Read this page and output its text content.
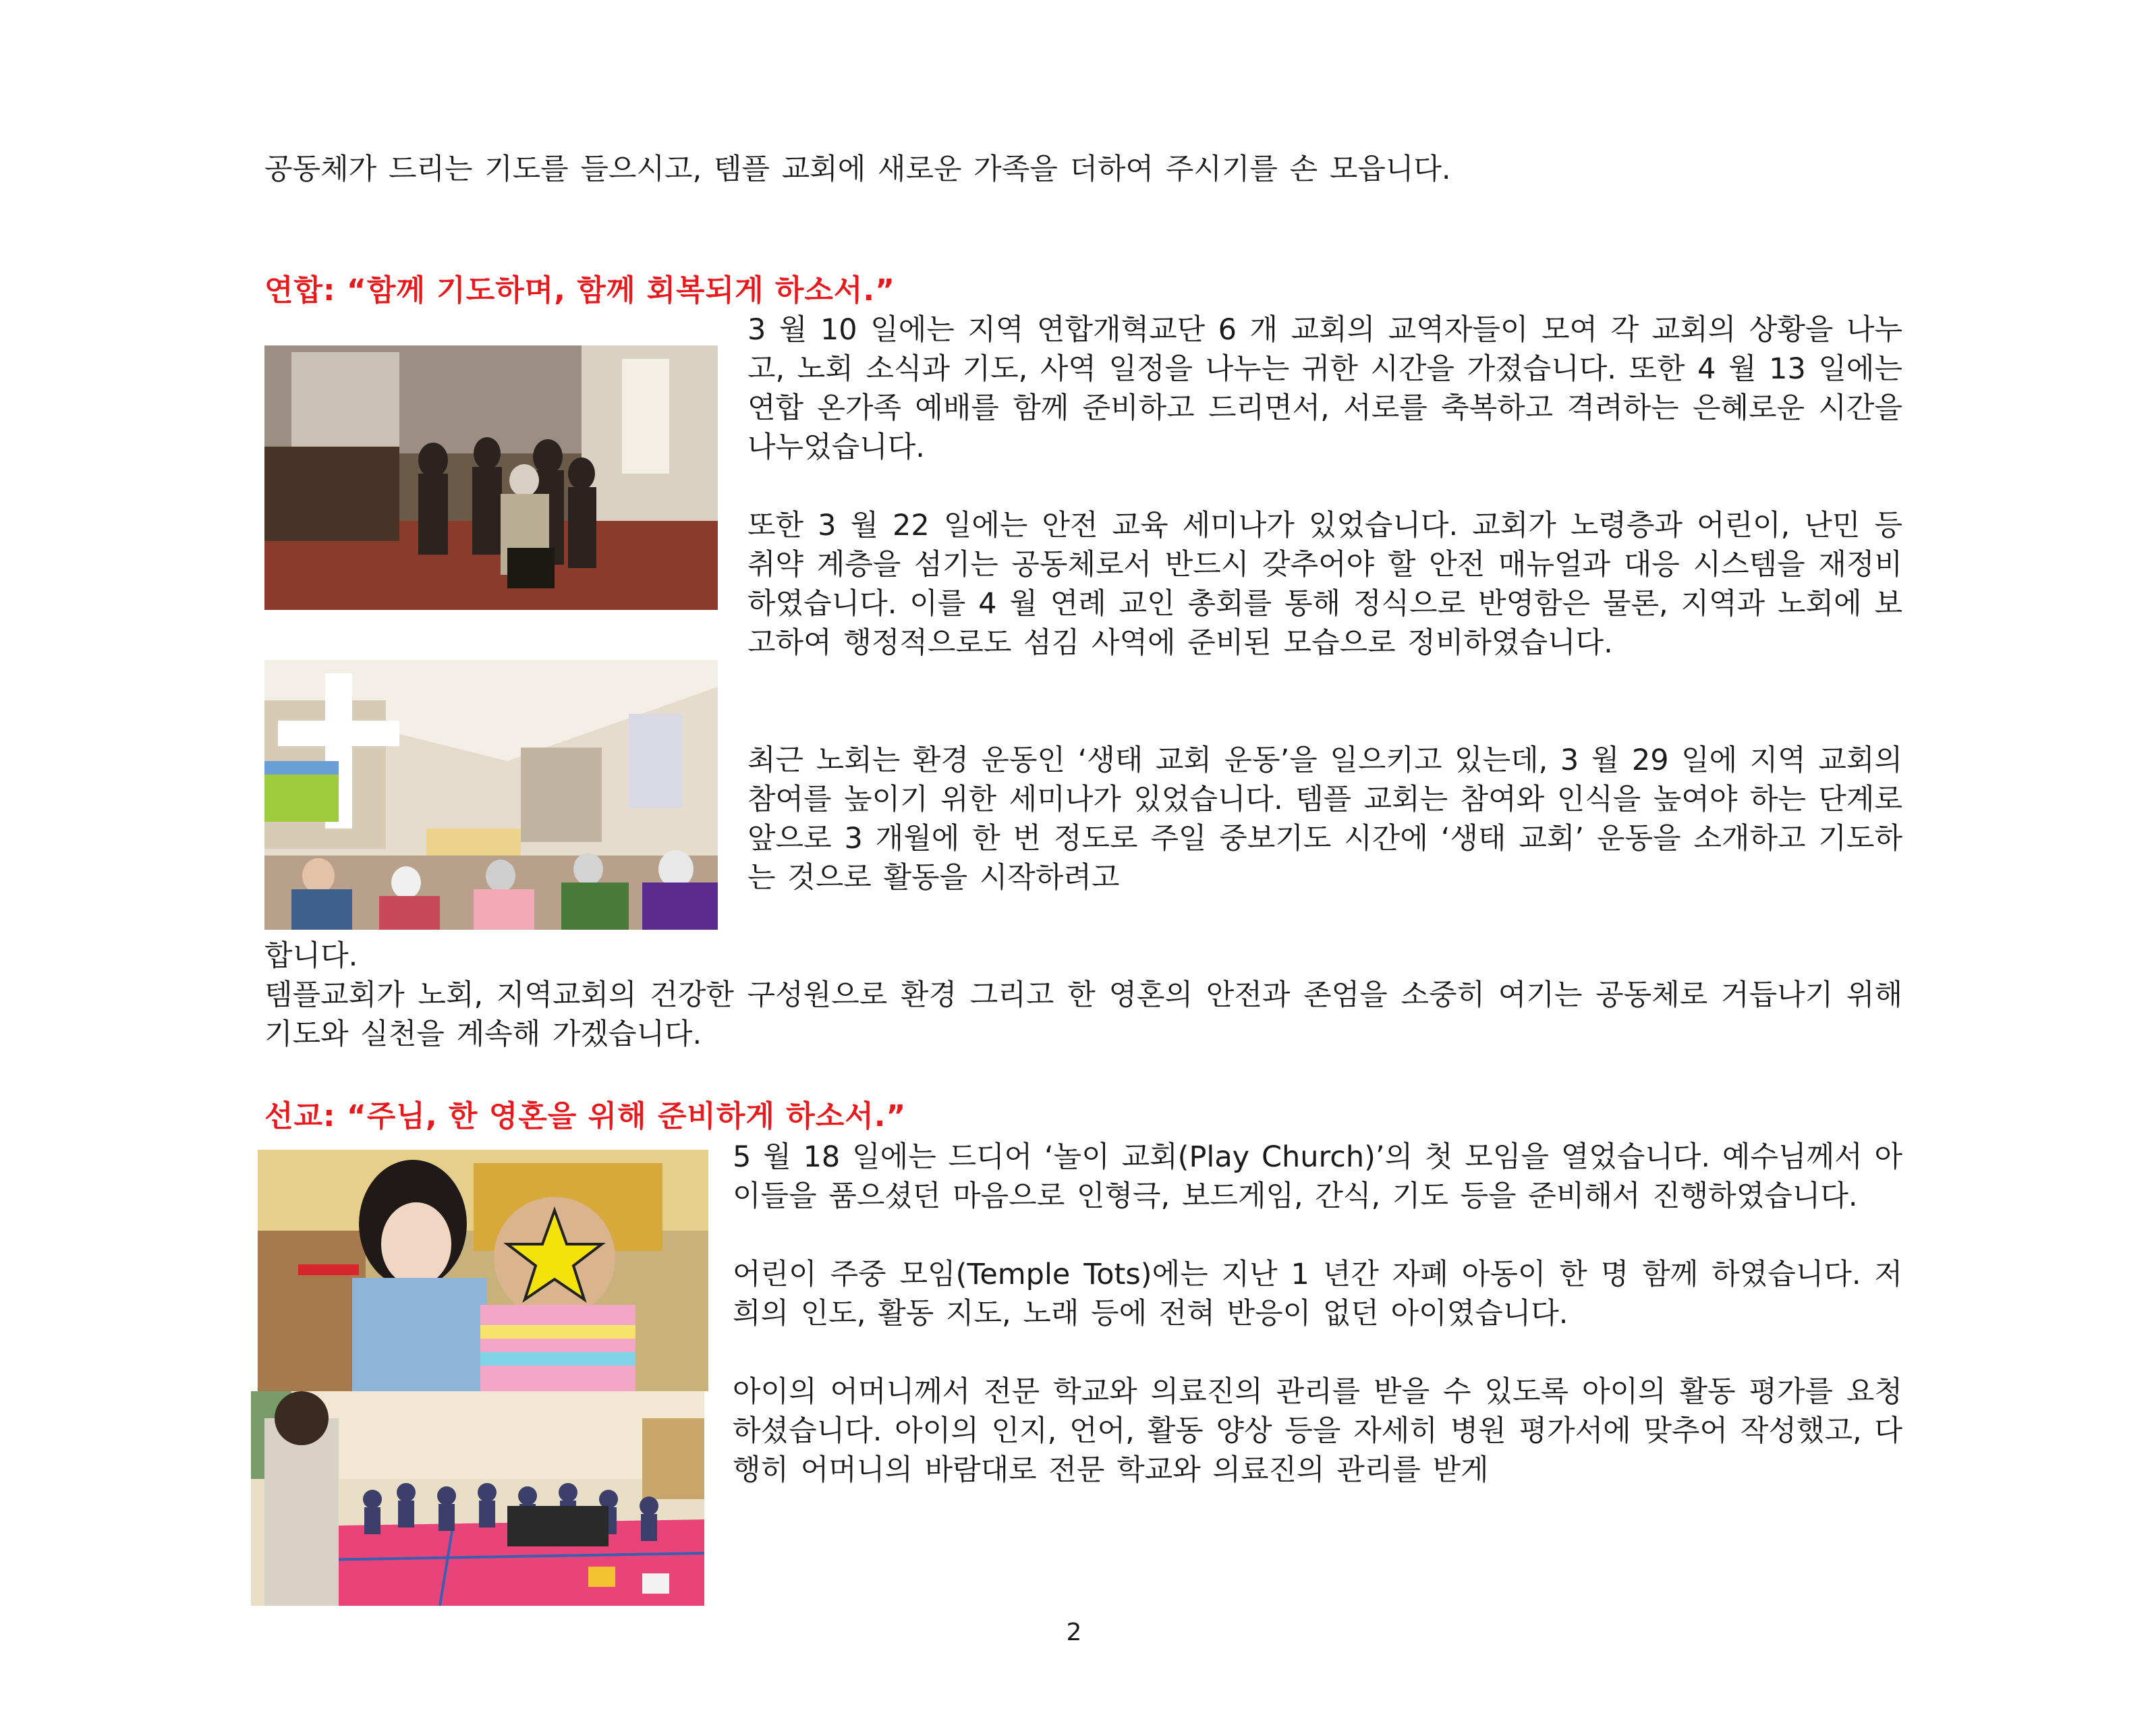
공동체가 드리는 기도를 들으시고, 템플 교회에 새로운 가족을 더하여 주시기를 손 모읍니다.

연합: “함께 기도하며, 함께 회복되게 하소서.”

3 월 10 일에는 지역 연합개혁교단 6 개 교회의 교역자들이 모여 각 교회의 상황을 나누고, 노회 소식과 기도, 사역 일정을 나누는 귀한 시간을 가졌습니다. 또한 4 월 13 일에는 연합 온가족 예배를 함께 준비하고 드리면서, 서로를 축복하고 격려하는 은혜로운 시간을 나누었습니다.

또한 3 월 22 일에는 안전 교육 세미나가 있었습니다. 교회가 노령층과 어린이, 난민 등 취약 계층을 섬기는 공동체로서 반드시 갖추어야 할 안전 매뉴얼과 대응 시스템을 재정비하였습니다. 이를 4 월 연례 교인 총회를 통해 정식으로 반영함은 물론, 지역과 노회에 보고하여 행정적으로도 섬김 사역에 준비된 모습으로 정비하였습니다.

최근 노회는 환경 운동인 ‘생태 교회 운동’을 일으키고 있는데, 3 월 29 일에 지역 교회의 참여를 높이기 위한 세미나가 있었습니다. 템플 교회는 참여와 인식을 높여야 하는 단계로 앞으로 3 개월에 한 번 정도로 주일 중보기도 시간에 ‘생태 교회’ 운동을 소개하고 기도하는 것으로 활동을 시작하려고

합니다.

템플교회가 노회, 지역교회의 건강한 구성원으로 환경 그리고 한 영혼의 안전과 존엄을 소중히 여기는 공동체로 거듭나기 위해 기도와 실천을 계속해 가겠습니다.

선교: “주님, 한 영혼을 위해 준비하게 하소서.”

5 월 18 일에는 드디어 ‘놀이 교회(Play Church)’의 첫 모임을 열었습니다. 예수님께서 아이들을 품으셨던 마음으로 인형극, 보드게임, 간식, 기도 등을 준비해서 진행하였습니다.

어린이 주중 모임(Temple Tots)에는 지난 1 년간 자폐 아동이 한 명 함께 하였습니다. 저희의 인도, 활동 지도, 노래 등에 전혀 반응이 없던 아이였습니다.

아이의 어머니께서 전문 학교와 의료진의 관리를 받을 수 있도록 아이의 활동 평가를 요청하셨습니다. 아이의 인지, 언어, 활동 양상 등을 자세히 병원 평가서에 맞추어 작성했고, 다행히 어머니의 바람대로 전문 학교와 의료진의 관리를 받게

2
